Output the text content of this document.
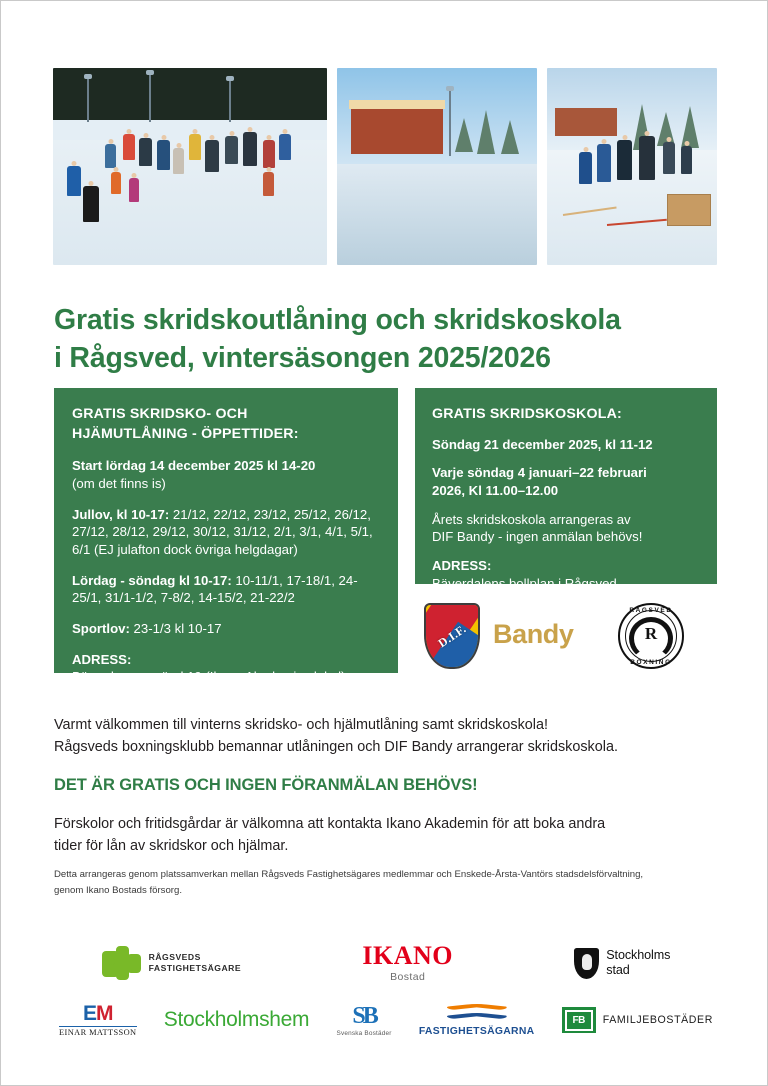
Gratis skridskoutlåning och skridskoskola
i Rågsved, vintersäsongen 2025/2026
GRATIS SKRIDSKO- OCH
HJÄMUTLÅNING - ÖPPETTIDER:
Start lördag 14 december 2025 kl 14-20
(om det finns is)
Jullov, kl 10-17: 21/12, 22/12, 23/12, 25/12, 26/12, 27/12, 28/12, 29/12, 30/12, 31/12, 2/1, 3/1, 4/1, 5/1, 6/1 (EJ julafton dock övriga helgdagar)
Lördag - söndag kl 10-17: 10-11/1, 17-18/1, 24-25/1, 31/1-1/2, 7-8/2, 14-15/2, 21-22/2
Sportlov: 23-1/3 kl 10-17
ADRESS:
Bäverdammsgränd 19 (Ikano Akademins lokal)
GRATIS SKRIDSKOSKOLA:
Söndag 21 december 2025, kl 11-12
Varje söndag 4 januari–22 februari
2026, Kl 11.00–12.00
Årets skridskoskola arrangeras av
DIF Bandy - ingen anmälan behövs!
ADRESS:
Bäverdalens bollplan i Rågsved
D.I.F. Bandy	R
RÅGSVED
BOXNING

Varmt välkommen till vinterns skridsko- och hjälmutlåning samt skridskoskola!
Rågsveds boxningsklubb bemannar utlåningen och DIF Bandy arrangerar skridskoskola.

DET ÄR GRATIS OCH INGEN FÖRANMÄLAN BEHÖVS!

Förskolor och fritidsgårdar är välkomna att kontakta Ikano Akademin för att boka andra
tider för lån av skridskor och hjälmar.

Detta arrangeras genom platssamverkan mellan Rågsveds Fastighetsägares medlemmar och Enskede-Årsta-Vantörs stadsdelsförvaltning, genom Ikano Bostads försorg.
RÅGSVEDS
FASTIGHETSÄGARE	IKANO
Bostad
Stockholms
stad
EM
EINAR MATTSSON
Stockholmshem	SB
Svenska Bostäder	FASTIGHETSÄGARNA
FB	FAMILJEBOSTÄDER
